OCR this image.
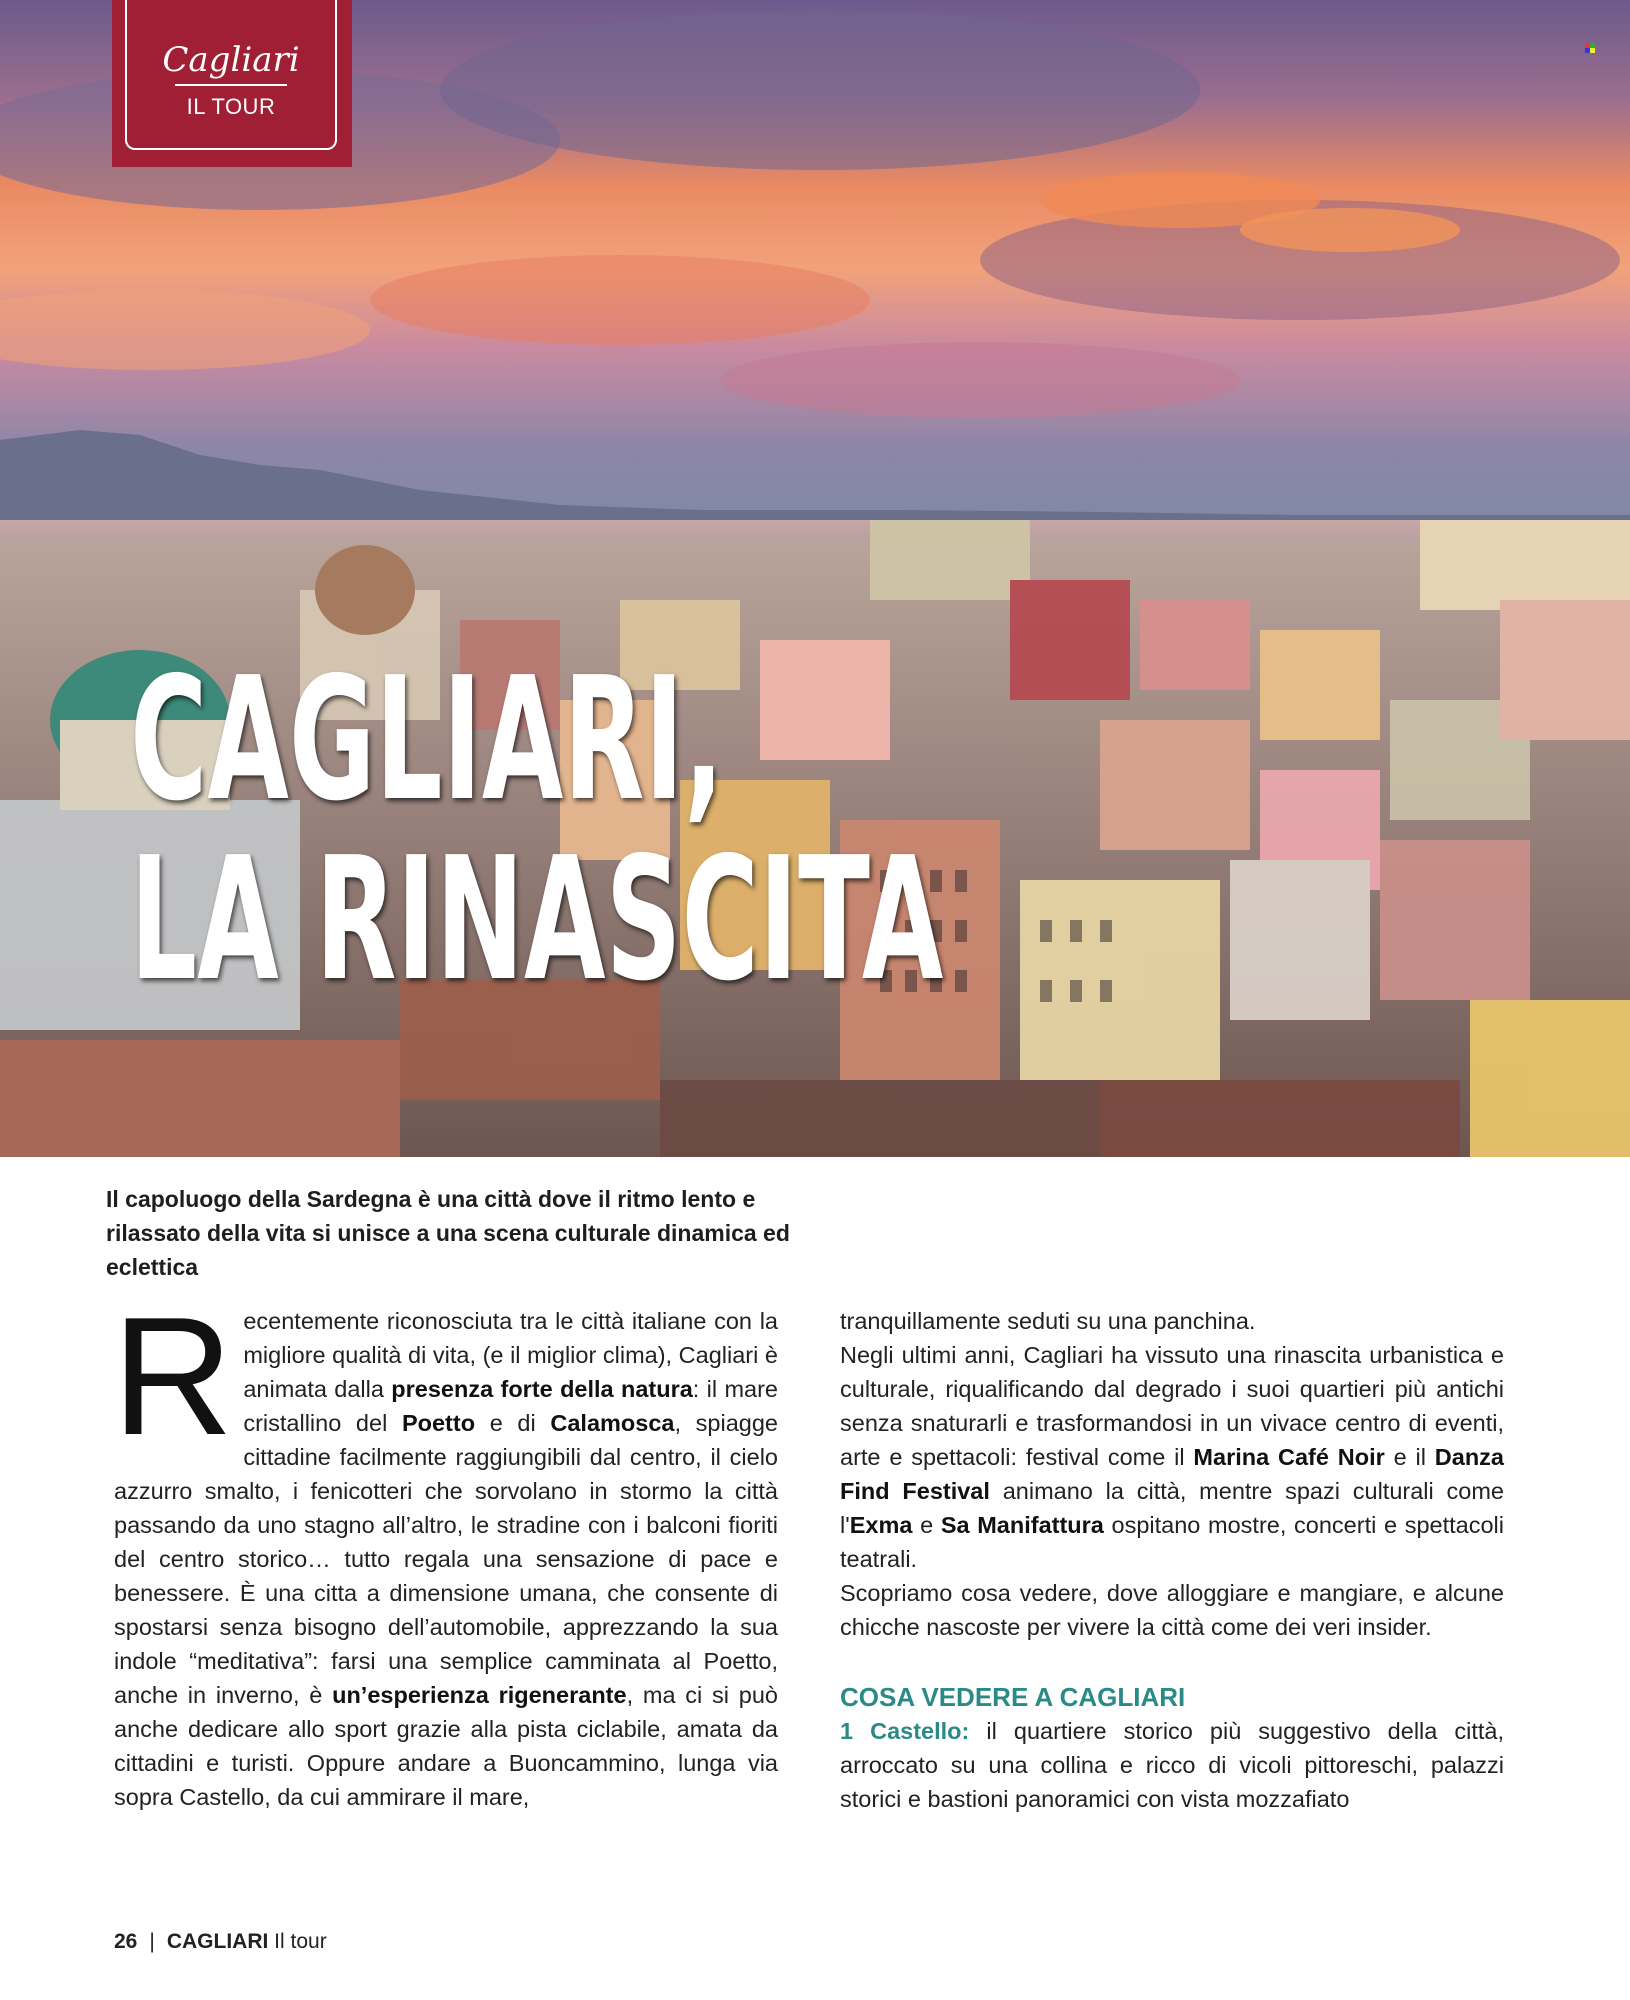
Cagliari
IL TOUR
CAGLIARI,
LA RINASCITA
Il capoluogo della Sardegna è una città dove il ritmo lento e rilassato della vita si unisce a una scena culturale dinamica ed eclettica

Recentemente riconosciuta tra le città italiane con la migliore qualità di vita, (e il miglior clima), Cagliari è animata dalla presenza forte della natura: il mare cristallino del Poetto e di Calamosca, spiagge cittadine facilmente raggiungibili dal centro, il cielo azzurro smalto, i fenicotteri che sorvolano in stormo la città passando da uno stagno all’altro, le stradine con i balconi fioriti del centro storico… tutto regala una sensazione di pace e benessere. È una citta a dimensione umana, che consente di spostarsi senza bisogno dell’automobile, apprezzando la sua indole “meditativa”: farsi una semplice camminata al Poetto, anche in inverno, è un’esperienza rigenerante, ma ci si può anche dedicare allo sport grazie alla pista ciclabile, amata da cittadini e turisti. Oppure andare a Buoncammino, lunga via sopra Castello, da cui ammirare il mare,

tranquillamente seduti su una panchina.

Negli ultimi anni, Cagliari ha vissuto una rinascita urbanistica e culturale, riqualificando dal degrado i suoi quartieri più antichi senza snaturarli e trasformandosi in un vivace centro di eventi, arte e spettacoli: festival come il Marina Café Noir e il Danza Find Festival animano la città, mentre spazi culturali come l'Exma e Sa Manifattura ospitano mostre, concerti e spettacoli teatrali.

Scopriamo cosa vedere, dove alloggiare e mangiare, e alcune chicche nascoste per vivere la città come dei veri insider.

COSA VEDERE A CAGLIARI

1 Castello: il quartiere storico più suggestivo della città, arroccato su una collina e ricco di vicoli pittoreschi, palazzi storici e bastioni panoramici con vista mozzafiato

26 | CAGLIARI Il tour
